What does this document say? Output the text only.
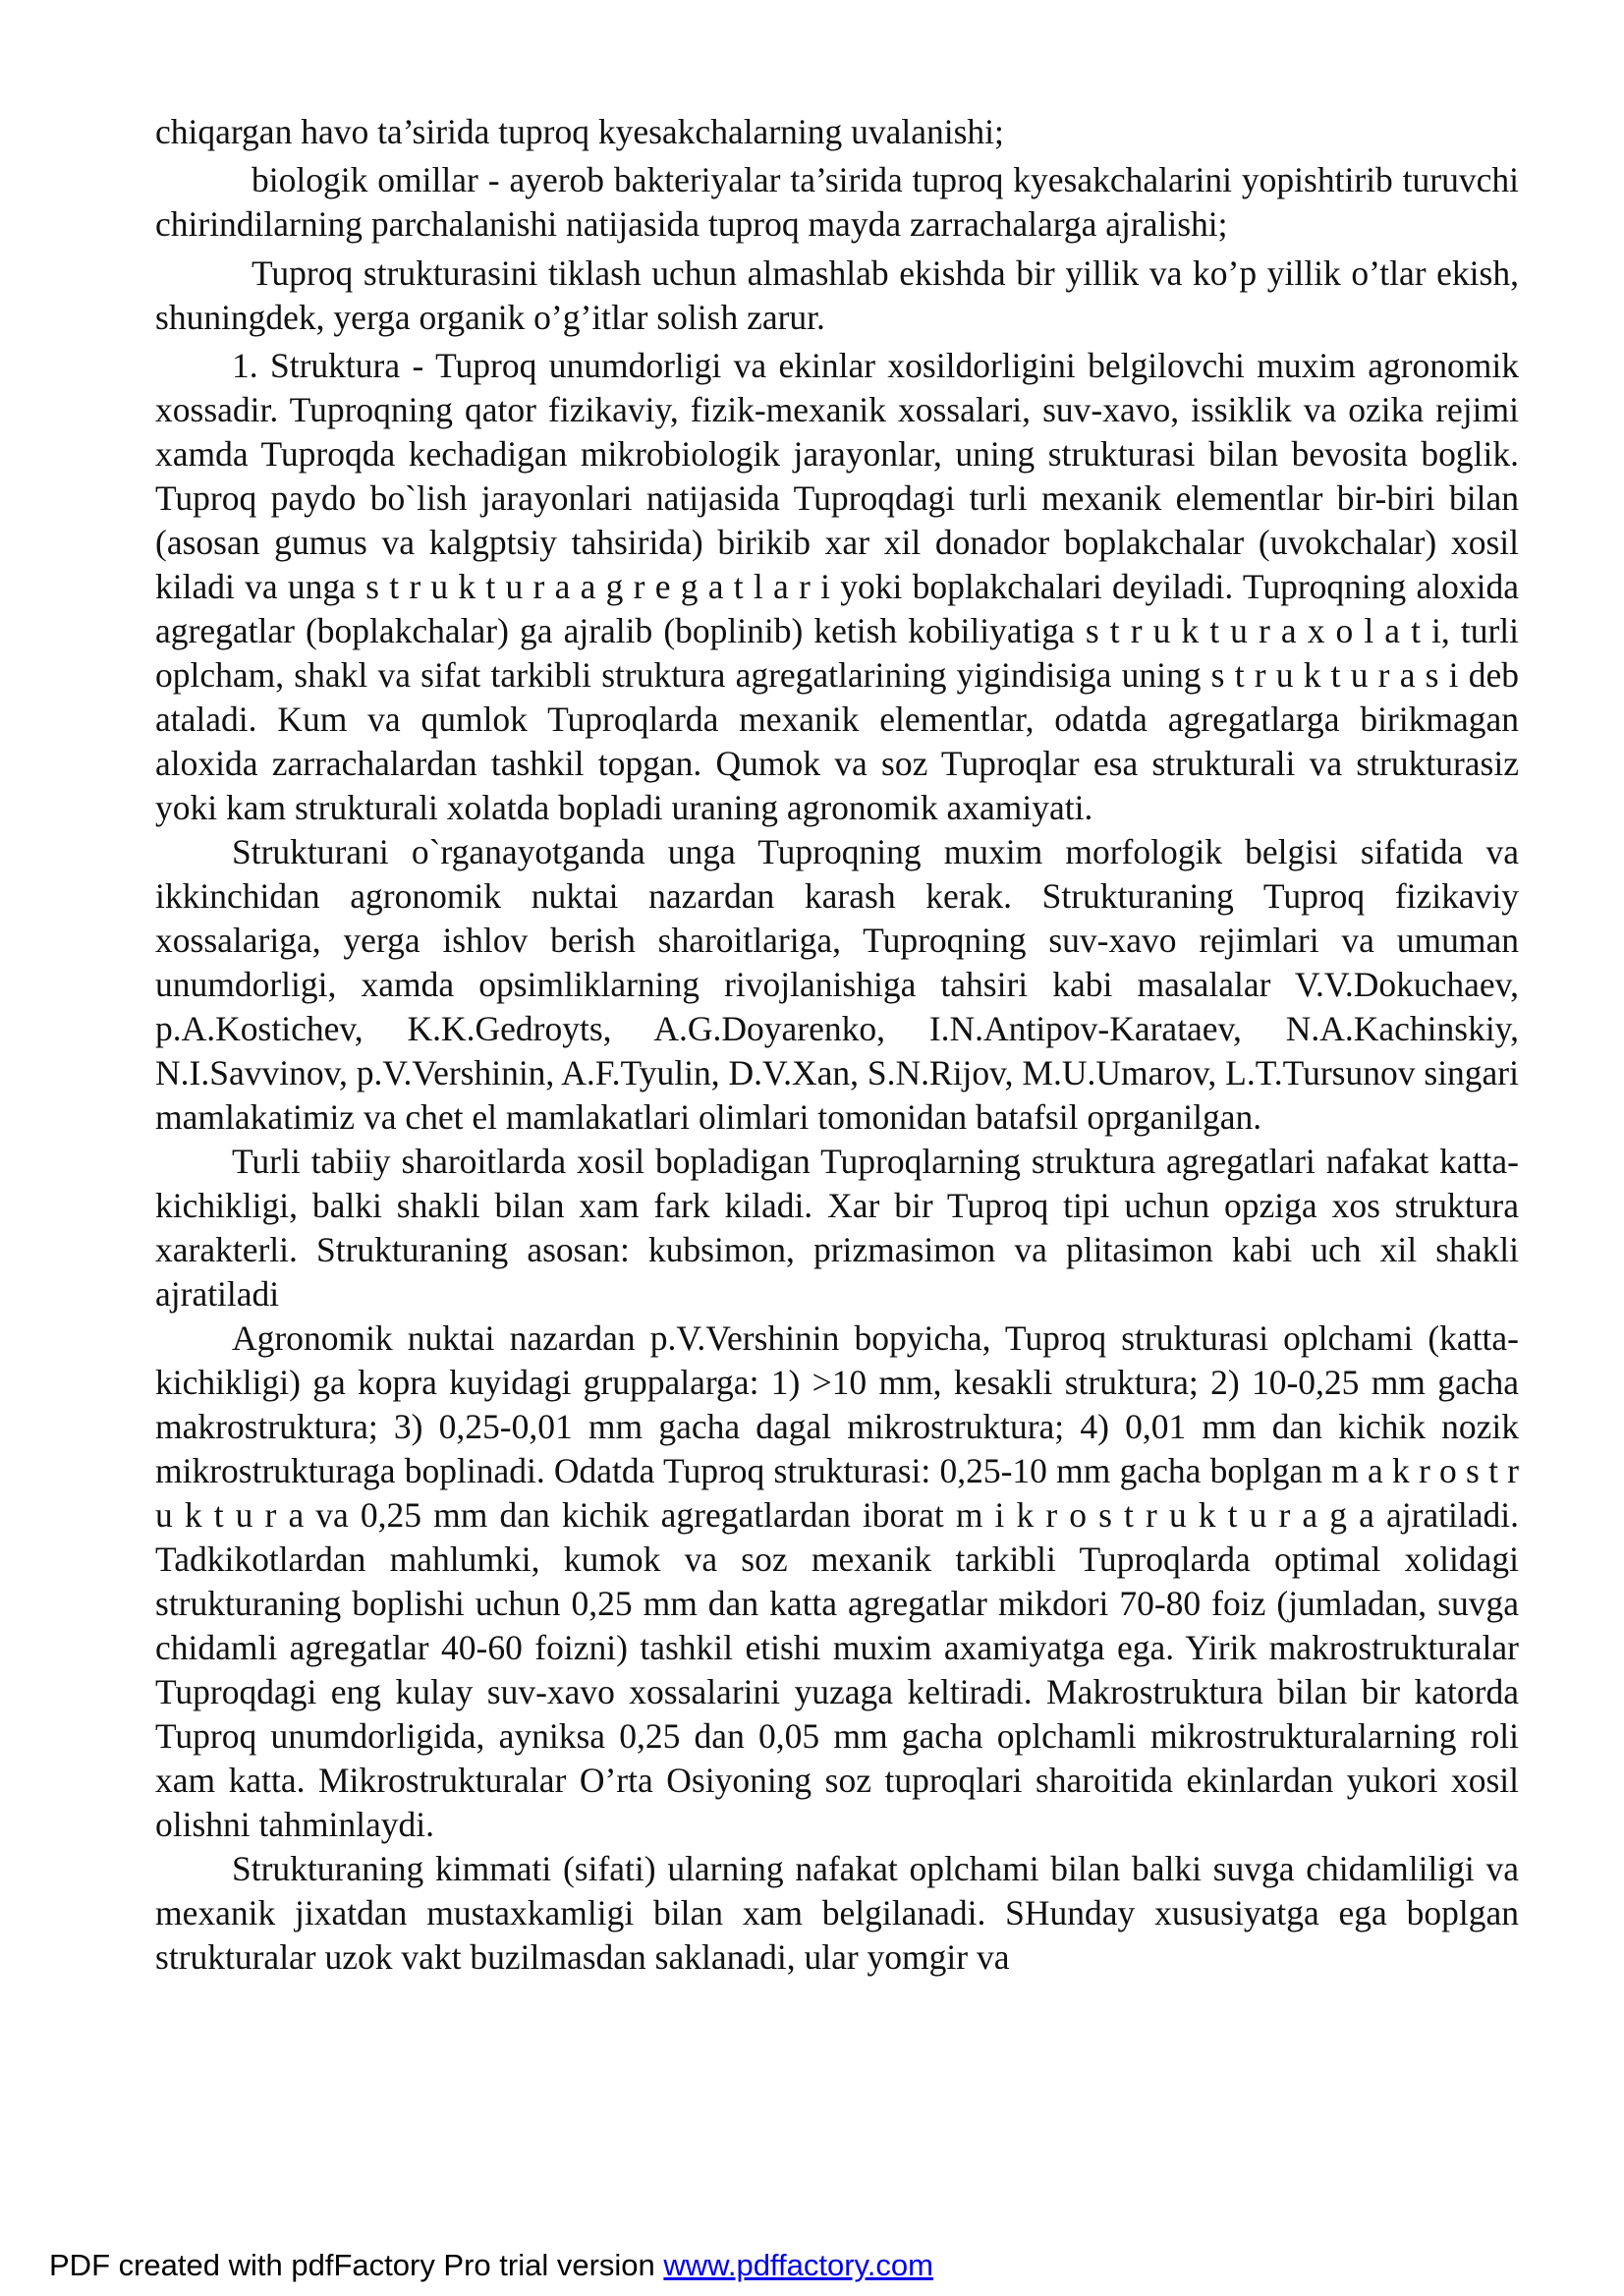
chiqargan havo ta’sirida tuproq kyesakchalarning uvalanishi;

biologik omillar - ayerob bakteriyalar ta’sirida tuproq kyesakchalarini yopishtirib turuvchi chirindilarning parchalanishi natijasida tuproq mayda zarrachalarga ajralishi;

Tuproq strukturasini tiklash uchun almashlab ekishda bir yillik va ko’p yillik o’tlar ekish, shuningdek, yerga organik o’g’itlar solish zarur.

1. Struktura - Tuproq unumdorligi va ekinlar xosildorligini belgilovchi muxim agronomik xossadir. Tuproqning qator fizikaviy, fizik-mexanik xossalari, suv-xavo, issiklik va ozika rejimi xamda Tuproqda kechadigan mikrobiologik jarayonlar, uning strukturasi bilan bevosita boglik. Tuproq paydo bo`lish jarayonlari natijasida Tuproqdagi turli mexanik elementlar bir-biri bilan (asosan gumus va kalgptsiy tahsirida) birikib xar xil donador boplakchalar (uvokchalar) xosil kiladi va unga s t r u k t u r a a g r e g a t l a r i yoki boplakchalari deyiladi. Tuproqning aloxida agregatlar (boplakchalar) ga ajralib (boplinib) ketish kobiliyatiga s t r u k t u r a x o l a t i, turli oplcham, shakl va sifat tarkibli struktura agregatlarining yigindisiga uning s t r u k t u r a s i deb ataladi. Kum va qumlok Tuproqlarda mexanik elementlar, odatda agregatlarga birikmagan aloxida zarrachalardan tashkil topgan. Qumok va soz Tuproqlar esa strukturali va strukturasiz yoki kam strukturali xolatda bopladi uraning agronomik axamiyati.

Strukturani o`rganayotganda unga Tuproqning muxim morfologik belgisi sifatida va ikkinchidan agronomik nuktai nazardan karash kerak. Strukturaning Tuproq fizikaviy xossalariga, yerga ishlov berish sharoitlariga, Tuproqning suv-xavo rejimlari va umuman unumdorligi, xamda opsimliklarning rivojlanishiga tahsiri kabi masalalar V.V.Dokuchaev, p.A.Kostichev, K.K.Gedroyts, A.G.Doyarenko, I.N.Antipov-Karataev, N.A.Kachinskiy, N.I.Savvinov, p.V.Vershinin, A.F.Tyulin, D.V.Xan, S.N.Rijov, M.U.Umarov, L.T.Tursunov singari mamlakatimiz va chet el mamlakatlari olimlari tomonidan batafsil oprganilgan.

Turli tabiiy sharoitlarda xosil bopladigan Tuproqlarning struktura agregatlari nafakat katta-kichikligi, balki shakli bilan xam fark kiladi. Xar bir Tuproq tipi uchun opziga xos struktura xarakterli. Strukturaning asosan: kubsimon, prizmasimon va plitasimon kabi uch xil shakli ajratiladi

Agronomik nuktai nazardan p.V.Vershinin bopyicha, Tuproq strukturasi oplchami (katta-kichikligi) ga kopra kuyidagi gruppalarga: 1) >10 mm, kesakli struktura; 2) 10-0,25 mm gacha makrostruktura; 3) 0,25-0,01 mm gacha dagal mikrostruktura; 4) 0,01 mm dan kichik nozik mikrostrukturaga boplinadi. Odatda Tuproq strukturasi: 0,25-10 mm gacha boplgan m a k r o s t r u k t u r a va 0,25 mm dan kichik agregatlardan iborat m i k r o s t r u k t u r a g a ajratiladi. Tadkikotlardan mahlumki, kumok va soz mexanik tarkibli Tuproqlarda optimal xolidagi strukturaning boplishi uchun 0,25 mm dan katta agregatlar mikdori 70-80 foiz (jumladan, suvga chidamli agregatlar 40-60 foizni) tashkil etishi muxim axamiyatga ega. Yirik makrostrukturalar Tuproqdagi eng kulay suv-xavo xossalarini yuzaga keltiradi. Makrostruktura bilan bir katorda Tuproq unumdorligida, ayniksa 0,25 dan 0,05 mm gacha oplchamli mikrostrukturalarning roli xam katta. Mikrostrukturalar O’rta Osiyoning soz tuproqlari sharoitida ekinlardan yukori xosil olishni tahminlaydi.

Strukturaning kimmati (sifati) ularning nafakat oplchami bilan balki suvga chidamliligi va mexanik jixatdan mustaxkamligi bilan xam belgilanadi. SHunday xususiyatga ega boplgan strukturalar uzok vakt buzilmasdan saklanadi, ular yomgir va

PDF created with pdfFactory Pro trial version www.pdffactory.com
